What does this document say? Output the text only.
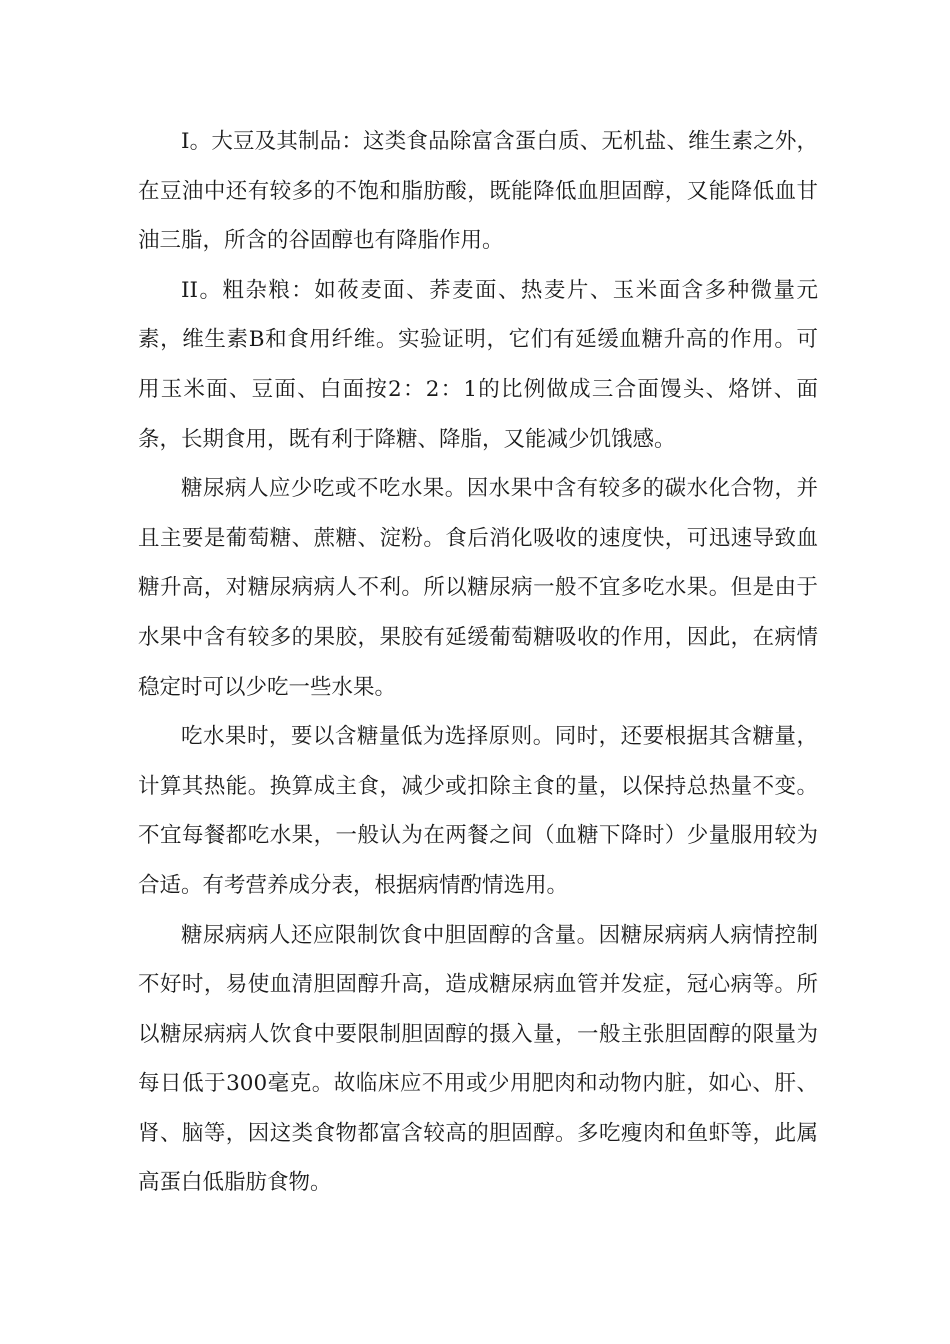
I。大豆及其制品：这类食品除富含蛋白质、无机盐、维生素之外，在豆油中还有较多的不饱和脂肪酸，既能降低血胆固醇，又能降低血甘油三脂，所含的谷固醇也有降脂作用。

II。粗杂粮：如莜麦面、荞麦面、热麦片、玉米面含多种微量元素，维生素B和食用纤维。实验证明，它们有延缓血糖升高的作用。可用玉米面、豆面、白面按2：2：1的比例做成三合面馒头、烙饼、面条，长期食用，既有利于降糖、降脂，又能减少饥饿感。

糖尿病人应少吃或不吃水果。因水果中含有较多的碳水化合物，并且主要是葡萄糖、蔗糖、淀粉。食后消化吸收的速度快，可迅速导致血糖升高，对糖尿病病人不利。所以糖尿病一般不宜多吃水果。但是由于水果中含有较多的果胶，果胶有延缓葡萄糖吸收的作用，因此，在病情稳定时可以少吃一些水果。

吃水果时，要以含糖量低为选择原则。同时，还要根据其含糖量，计算其热能。换算成主食，减少或扣除主食的量，以保持总热量不变。不宜每餐都吃水果，一般认为在两餐之间（血糖下降时）少量服用较为合适。有考营养成分表，根据病情酌情选用。

糖尿病病人还应限制饮食中胆固醇的含量。因糖尿病病人病情控制不好时，易使血清胆固醇升高，造成糖尿病血管并发症，冠心病等。所以糖尿病病人饮食中要限制胆固醇的摄入量，一般主张胆固醇的限量为每日低于300毫克。故临床应不用或少用肥肉和动物内脏，如心、肝、肾、脑等，因这类食物都富含较高的胆固醇。多吃瘦肉和鱼虾等，此属高蛋白低脂肪食物。
